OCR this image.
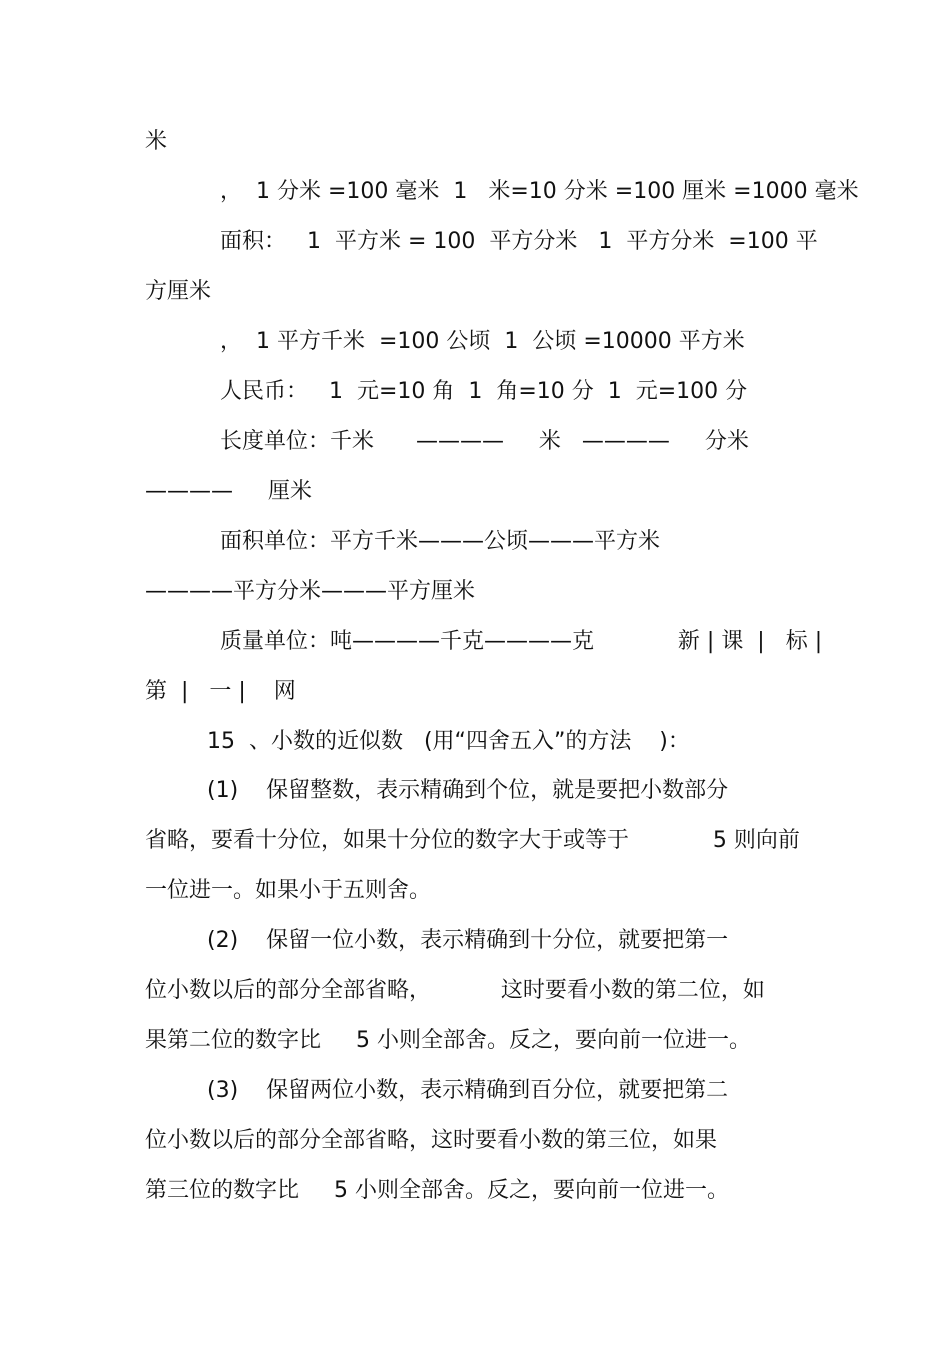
米
，  1 分米 =100 毫米  1   米=10 分米 =100 厘米 =1000 毫米
面积：   1  平方米 = 100  平方分米   1  平方分米  =100 平
方厘米
，  1 平方千米  =100 公顷  1  公顷 =10000 平方米
人民币：   1  元=10 角  1  角=10 分  1  元=100 分
长度单位：千米      ————     米   ————     分米
————     厘米
面积单位：平方千米———公顷———平方米
————平方分米———平方厘米
质量单位：吨————千克————克            新 | 课  |   标 |
第  |   一 |    网
15  、小数的近似数   (用“四舍五入”的方法    )：
(1)    保留整数，表示精确到个位，就是要把小数部分
省略，要看十分位，如果十分位的数字大于或等于            5 则向前
一位进一。如果小于五则舍。
(2)    保留一位小数，表示精确到十分位，就要把第一
位小数以后的部分全部省略，          这时要看小数的第二位，如
果第二位的数字比     5 小则全部舍。反之，要向前一位进一。
(3)    保留两位小数，表示精确到百分位，就要把第二
位小数以后的部分全部省略，这时要看小数的第三位，如果
第三位的数字比     5 小则全部舍。反之，要向前一位进一。
